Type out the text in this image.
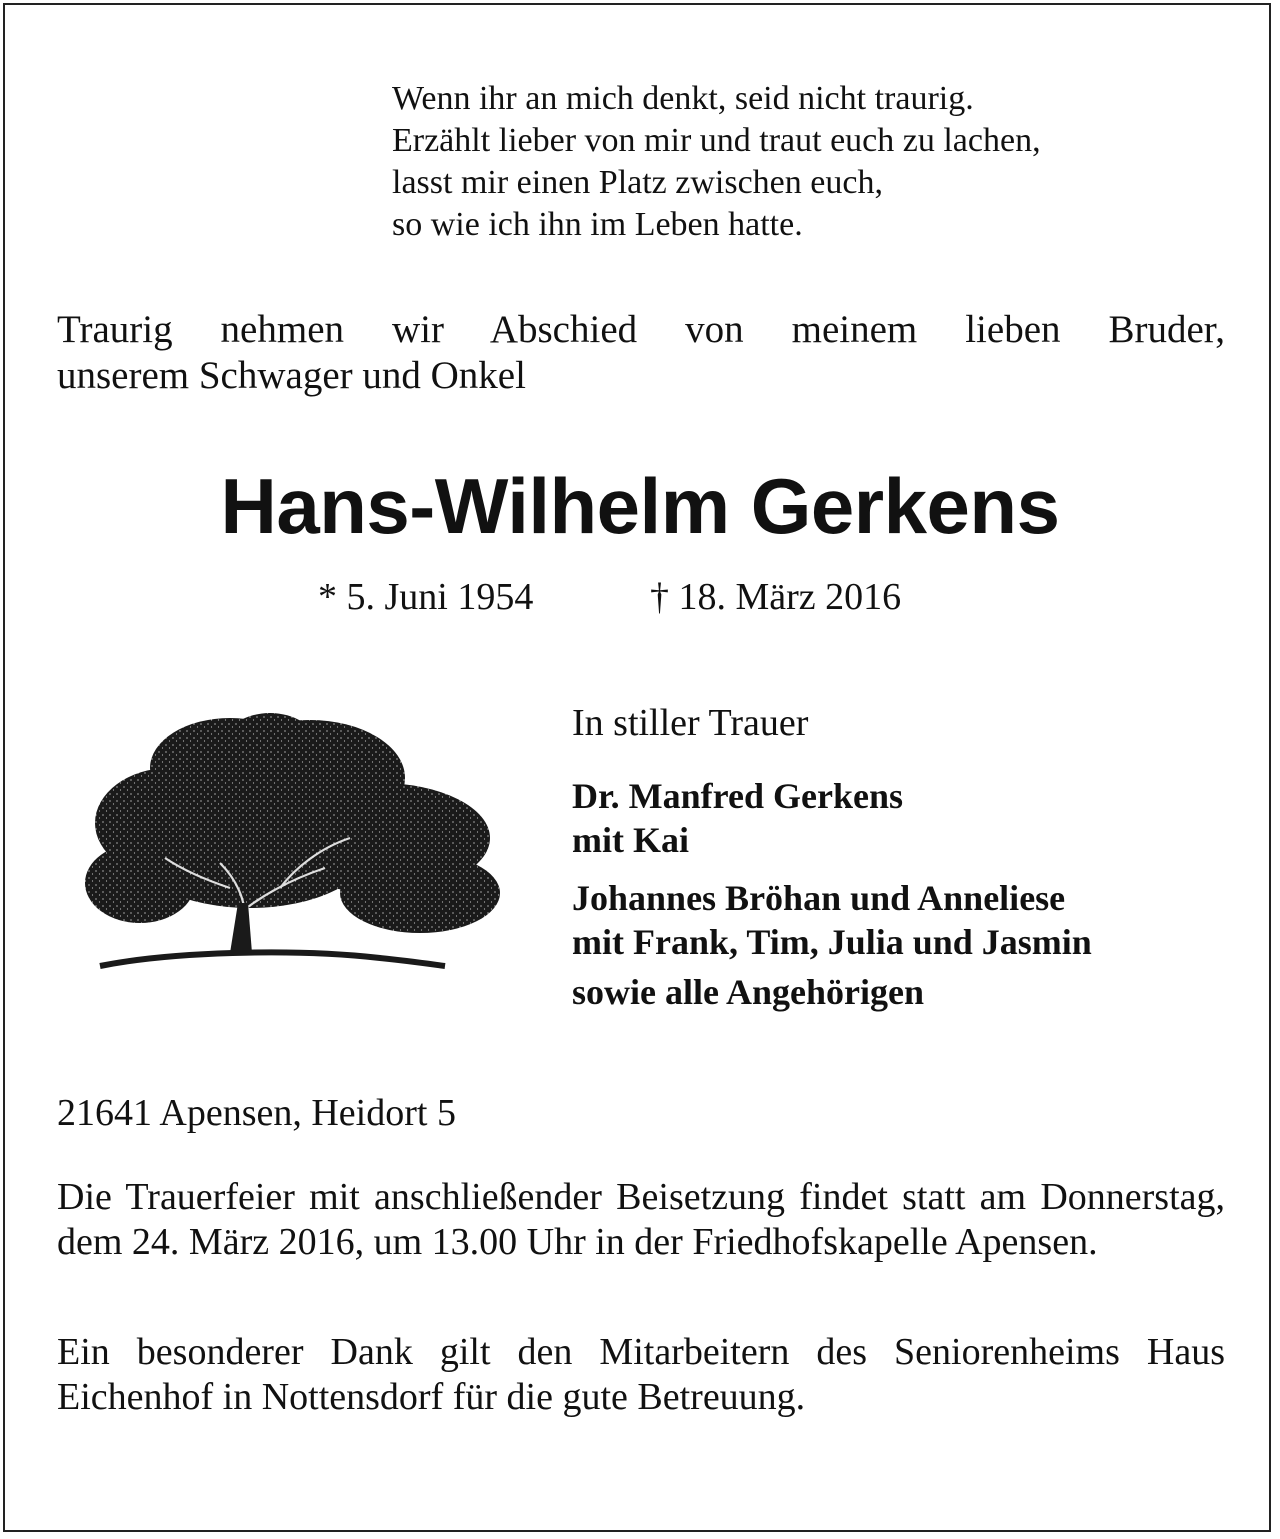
Wenn ihr an mich denkt, seid nicht traurig.
Erzählt lieber von mir und traut euch zu lachen,
lasst mir einen Platz zwischen euch,
so wie ich ihn im Leben hatte.
Traurig nehmen wir Abschied von meinem lieben Bruder,
unserem Schwager und Onkel
Hans-Wilhelm Gerkens
* 5. Juni 1954	† 18. März 2016
In stiller Trauer
Dr. Manfred Gerkens
mit Kai
Johannes Bröhan und Anneliese
mit Frank, Tim, Julia und Jasmin
sowie alle Angehörigen
21641 Apensen, Heidort 5
Die Trauerfeier mit anschließender Beisetzung findet statt am Donnerstag, dem 24. März 2016, um 13.00 Uhr in der Friedhofskapelle Apensen.
Ein besonderer Dank gilt den Mitarbeitern des Seniorenheims Haus Eichenhof in Nottensdorf für die gute Betreuung.
